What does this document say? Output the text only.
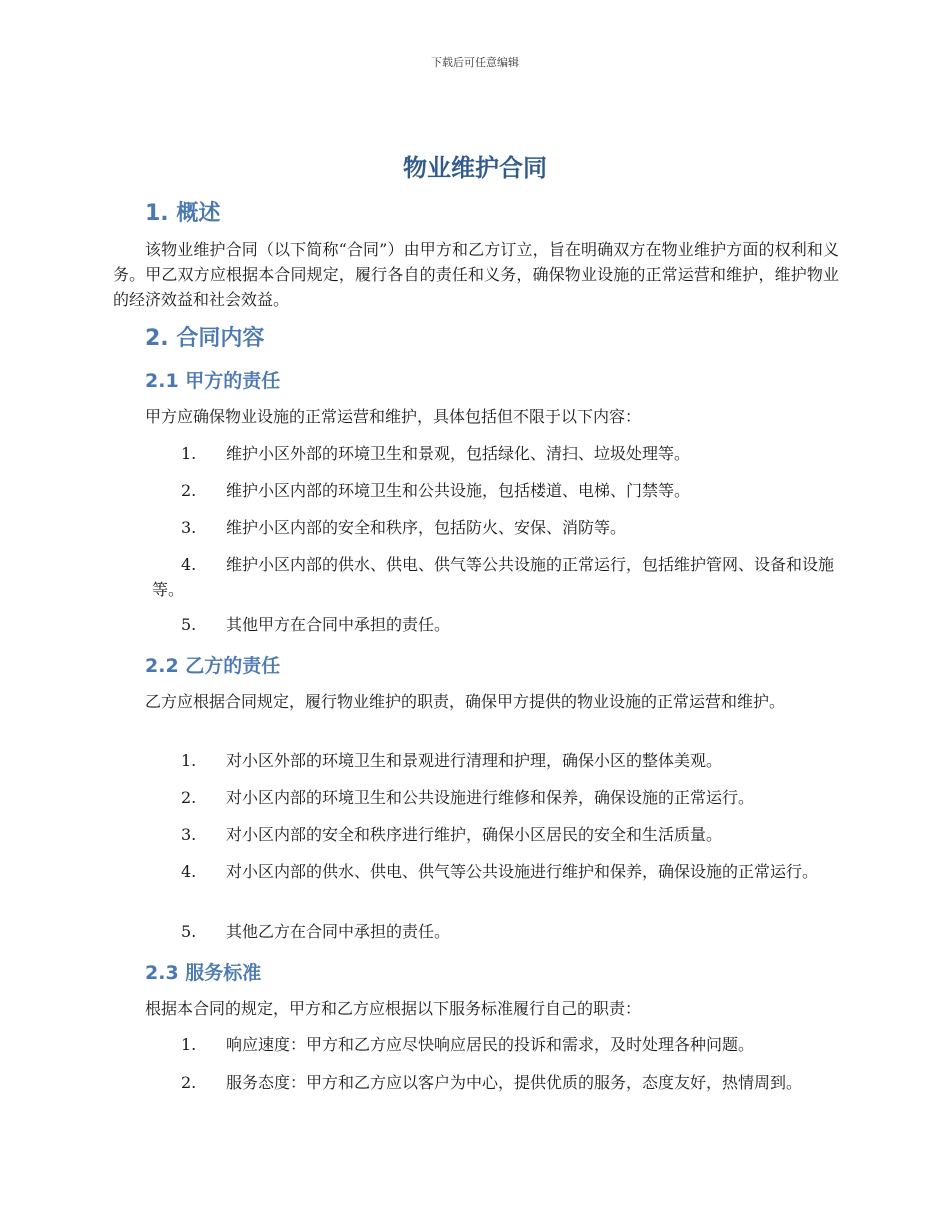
下载后可任意编辑
物业维护合同
1. 概述
该物业维护合同（以下简称“合同”）由甲方和乙方订立，旨在明确双方在物业维护方面的权利和义务。甲乙双方应根据本合同规定，履行各自的责任和义务，确保物业设施的正常运营和维护，维护物业的经济效益和社会效益。
2. 合同内容
2.1 甲方的责任
甲方应确保物业设施的正常运营和维护，具体包括但不限于以下内容：
1. 维护小区外部的环境卫生和景观，包括绿化、清扫、垃圾处理等。
2. 维护小区内部的环境卫生和公共设施，包括楼道、电梯、门禁等。
3. 维护小区内部的安全和秩序，包括防火、安保、消防等。
4. 维护小区内部的供水、供电、供气等公共设施的正常运行，包括维护管网、设备和设施等。
5. 其他甲方在合同中承担的责任。
2.2 乙方的责任
乙方应根据合同规定，履行物业维护的职责，确保甲方提供的物业设施的正常运营和维护。
1. 对小区外部的环境卫生和景观进行清理和护理，确保小区的整体美观。
2. 对小区内部的环境卫生和公共设施进行维修和保养，确保设施的正常运行。
3. 对小区内部的安全和秩序进行维护，确保小区居民的安全和生活质量。
4. 对小区内部的供水、供电、供气等公共设施进行维护和保养，确保设施的正常运行。
5. 其他乙方在合同中承担的责任。
2.3 服务标准
根据本合同的规定，甲方和乙方应根据以下服务标准履行自己的职责：
1. 响应速度：甲方和乙方应尽快响应居民的投诉和需求，及时处理各种问题。
2. 服务态度：甲方和乙方应以客户为中心，提供优质的服务，态度友好，热情周到。
